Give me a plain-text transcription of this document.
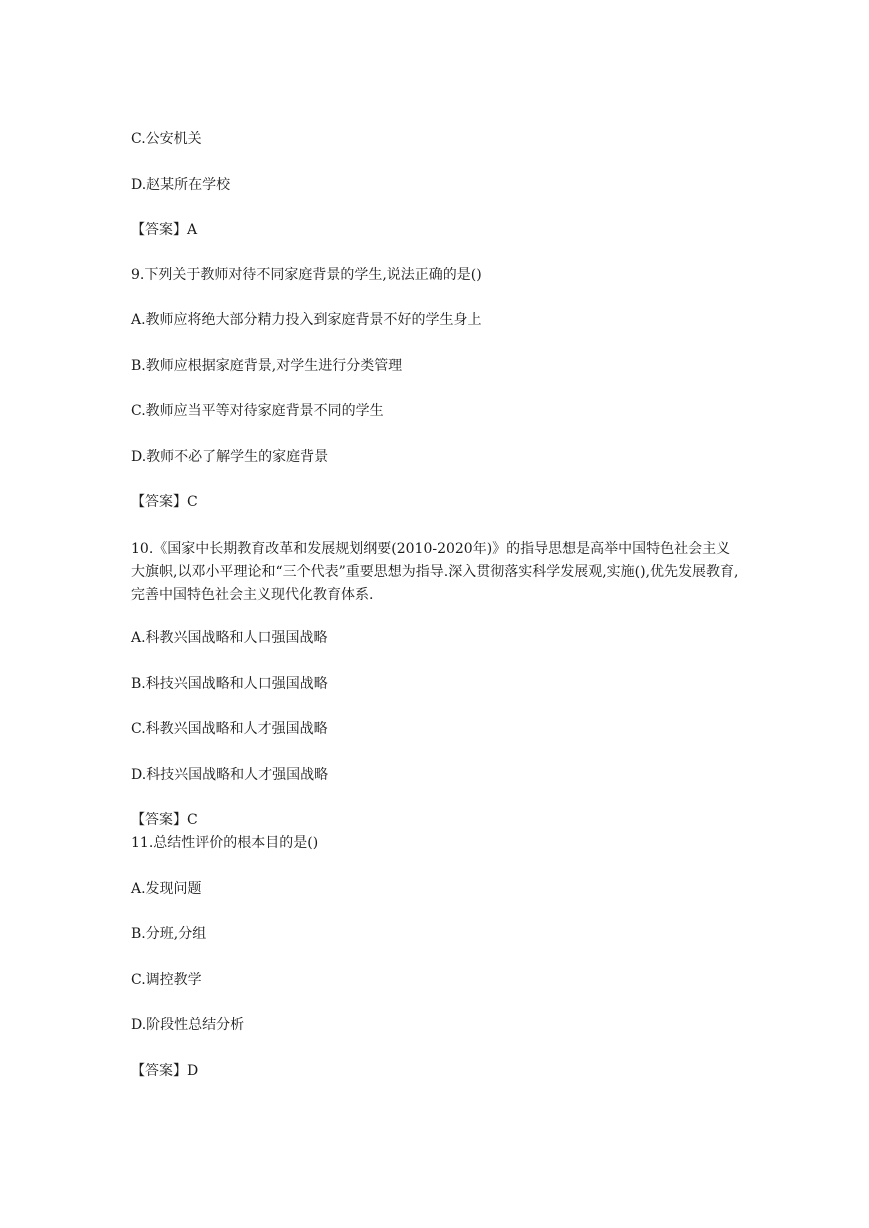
C.公安机关
D.赵某所在学校
【答案】A
9.下列关于教师对待不同家庭背景的学生,说法正确的是()
A.教师应将绝大部分精力投入到家庭背景不好的学生身上
B.教师应根据家庭背景,对学生进行分类管理
C.教师应当平等对待家庭背景不同的学生
D.教师不必了解学生的家庭背景
【答案】C
10.《国家中长期教育改革和发展规划纲要(2010-2020年)》的指导思想是高举中国特色社会主义大旗帜,以邓小平理论和“三个代表”重要思想为指导.深入贯彻落实科学发展观,实施(),优先发展教育,完善中国特色社会主义现代化教育体系.
A.科教兴国战略和人口强国战略
B.科技兴国战略和人口强国战略
C.科教兴国战略和人才强国战略
D.科技兴国战略和人才强国战略
【答案】C
11.总结性评价的根本目的是()
A.发现问题
B.分班,分组
C.调控教学
D.阶段性总结分析
【答案】D
